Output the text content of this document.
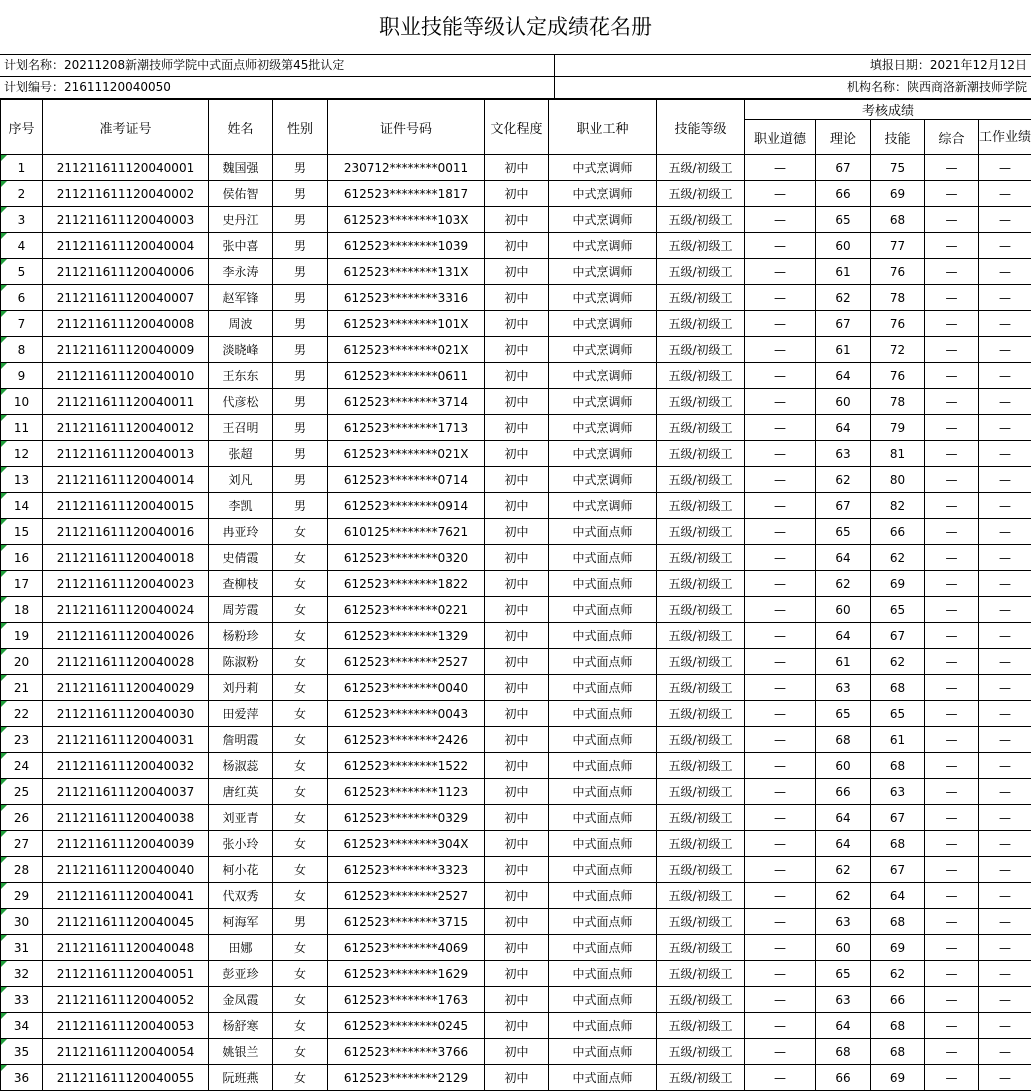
职业技能等级认定成绩花名册
计划名称：20211208新潮技师学院中式面点师初级第45批认定	填报日期：2021年12月12日
计划编号：21611120040050	机构名称：陕西商洛新潮技师学院
序号	准考证号	姓名	性别	证件号码	文化程度	职业工种	技能等级	考核成绩				
								职业道德	理论	技能	综合	工作业绩
1	211211611120040001	魏国强	男	230712********0011	初中	中式烹调师	五级/初级工	—	67	75	—	—
2	211211611120040002	侯佑智	男	612523********1817	初中	中式烹调师	五级/初级工	—	66	69	—	—
3	211211611120040003	史丹江	男	612523********103X	初中	中式烹调师	五级/初级工	—	65	68	—	—
4	211211611120040004	张中喜	男	612523********1039	初中	中式烹调师	五级/初级工	—	60	77	—	—
5	211211611120040006	李永涛	男	612523********131X	初中	中式烹调师	五级/初级工	—	61	76	—	—
6	211211611120040007	赵军锋	男	612523********3316	初中	中式烹调师	五级/初级工	—	62	78	—	—
7	211211611120040008	周波	男	612523********101X	初中	中式烹调师	五级/初级工	—	67	76	—	—
8	211211611120040009	淡晓峰	男	612523********021X	初中	中式烹调师	五级/初级工	—	61	72	—	—
9	211211611120040010	王东东	男	612523********0611	初中	中式烹调师	五级/初级工	—	64	76	—	—
10	211211611120040011	代彦松	男	612523********3714	初中	中式烹调师	五级/初级工	—	60	78	—	—
11	211211611120040012	王召明	男	612523********1713	初中	中式烹调师	五级/初级工	—	64	79	—	—
12	211211611120040013	张超	男	612523********021X	初中	中式烹调师	五级/初级工	—	63	81	—	—
13	211211611120040014	刘凡	男	612523********0714	初中	中式烹调师	五级/初级工	—	62	80	—	—
14	211211611120040015	李凯	男	612523********0914	初中	中式烹调师	五级/初级工	—	67	82	—	—
15	211211611120040016	冉亚玲	女	610125********7621	初中	中式面点师	五级/初级工	—	65	66	—	—
16	211211611120040018	史倩霞	女	612523********0320	初中	中式面点师	五级/初级工	—	64	62	—	—
17	211211611120040023	查柳枝	女	612523********1822	初中	中式面点师	五级/初级工	—	62	69	—	—
18	211211611120040024	周芳霞	女	612523********0221	初中	中式面点师	五级/初级工	—	60	65	—	—
19	211211611120040026	杨粉珍	女	612523********1329	初中	中式面点师	五级/初级工	—	64	67	—	—
20	211211611120040028	陈淑粉	女	612523********2527	初中	中式面点师	五级/初级工	—	61	62	—	—
21	211211611120040029	刘丹莉	女	612523********0040	初中	中式面点师	五级/初级工	—	63	68	—	—
22	211211611120040030	田爱萍	女	612523********0043	初中	中式面点师	五级/初级工	—	65	65	—	—
23	211211611120040031	詹明霞	女	612523********2426	初中	中式面点师	五级/初级工	—	68	61	—	—
24	211211611120040032	杨淑蕊	女	612523********1522	初中	中式面点师	五级/初级工	—	60	68	—	—
25	211211611120040037	唐红英	女	612523********1123	初中	中式面点师	五级/初级工	—	66	63	—	—
26	211211611120040038	刘亚青	女	612523********0329	初中	中式面点师	五级/初级工	—	64	67	—	—
27	211211611120040039	张小玲	女	612523********304X	初中	中式面点师	五级/初级工	—	64	68	—	—
28	211211611120040040	柯小花	女	612523********3323	初中	中式面点师	五级/初级工	—	62	67	—	—
29	211211611120040041	代双秀	女	612523********2527	初中	中式面点师	五级/初级工	—	62	64	—	—
30	211211611120040045	柯海军	男	612523********3715	初中	中式面点师	五级/初级工	—	63	68	—	—
31	211211611120040048	田娜	女	612523********4069	初中	中式面点师	五级/初级工	—	60	69	—	—
32	211211611120040051	彭亚珍	女	612523********1629	初中	中式面点师	五级/初级工	—	65	62	—	—
33	211211611120040052	金凤霞	女	612523********1763	初中	中式面点师	五级/初级工	—	63	66	—	—
34	211211611120040053	杨舒寒	女	612523********0245	初中	中式面点师	五级/初级工	—	64	68	—	—
35	211211611120040054	姚银兰	女	612523********3766	初中	中式面点师	五级/初级工	—	68	68	—	—
36	211211611120040055	阮班燕	女	612523********2129	初中	中式面点师	五级/初级工	—	66	69	—	—
